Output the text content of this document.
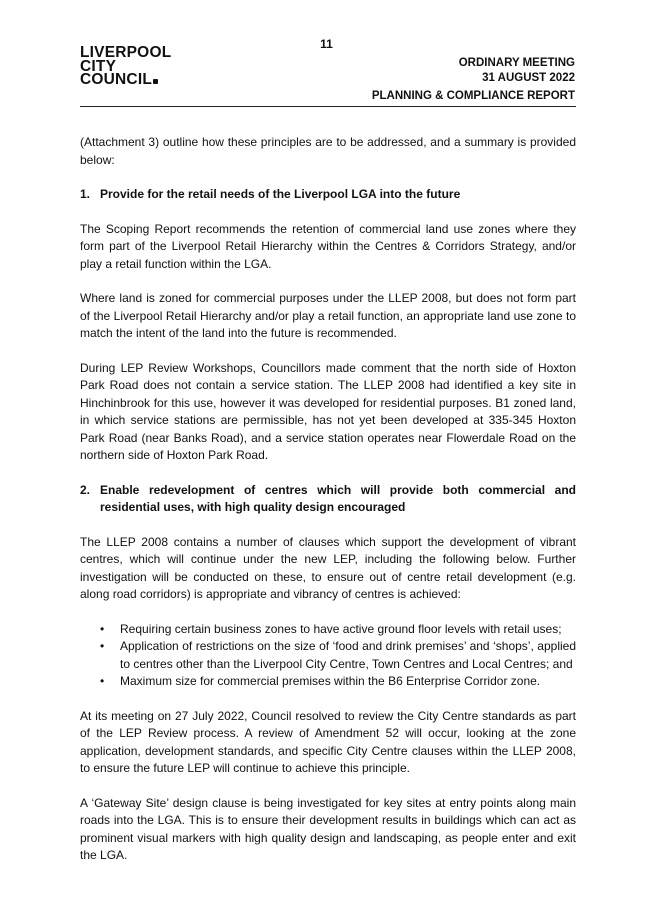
11
LIVERPOOL
CITY
COUNCIL
ORDINARY MEETING
31 AUGUST 2022
PLANNING & COMPLIANCE REPORT

(Attachment 3) outline how these principles are to be addressed, and a summary is provided below:

1. Provide for the retail needs of the Liverpool LGA into the future

The Scoping Report recommends the retention of commercial land use zones where they form part of the Liverpool Retail Hierarchy within the Centres & Corridors Strategy, and/or play a retail function within the LGA.

Where land is zoned for commercial purposes under the LLEP 2008, but does not form part of the Liverpool Retail Hierarchy and/or play a retail function, an appropriate land use zone to match the intent of the land into the future is recommended.

During LEP Review Workshops, Councillors made comment that the north side of Hoxton Park Road does not contain a service station. The LLEP 2008 had identified a key site in Hinchinbrook for this use, however it was developed for residential purposes. B1 zoned land, in which service stations are permissible, has not yet been developed at 335-345 Hoxton Park Road (near Banks Road), and a service station operates near Flowerdale Road on the northern side of Hoxton Park Road.

2. Enable redevelopment of centres which will provide both commercial and residential uses, with high quality design encouraged

The LLEP 2008 contains a number of clauses which support the development of vibrant centres, which will continue under the new LEP, including the following below. Further investigation will be conducted on these, to ensure out of centre retail development (e.g. along road corridors) is appropriate and vibrancy of centres is achieved:

•	Requiring certain business zones to have active ground floor levels with retail uses;
•	Application of restrictions on the size of ‘food and drink premises’ and ‘shops’, applied to centres other than the Liverpool City Centre, Town Centres and Local Centres; and
•	Maximum size for commercial premises within the B6 Enterprise Corridor zone.

At its meeting on 27 July 2022, Council resolved to review the City Centre standards as part of the LEP Review process. A review of Amendment 52 will occur, looking at the zone application, development standards, and specific City Centre clauses within the LLEP 2008, to ensure the future LEP will continue to achieve this principle.

A ‘Gateway Site’ design clause is being investigated for key sites at entry points along main roads into the LGA. This is to ensure their development results in buildings which can act as prominent visual markers with high quality design and landscaping, as people enter and exit the LGA.
